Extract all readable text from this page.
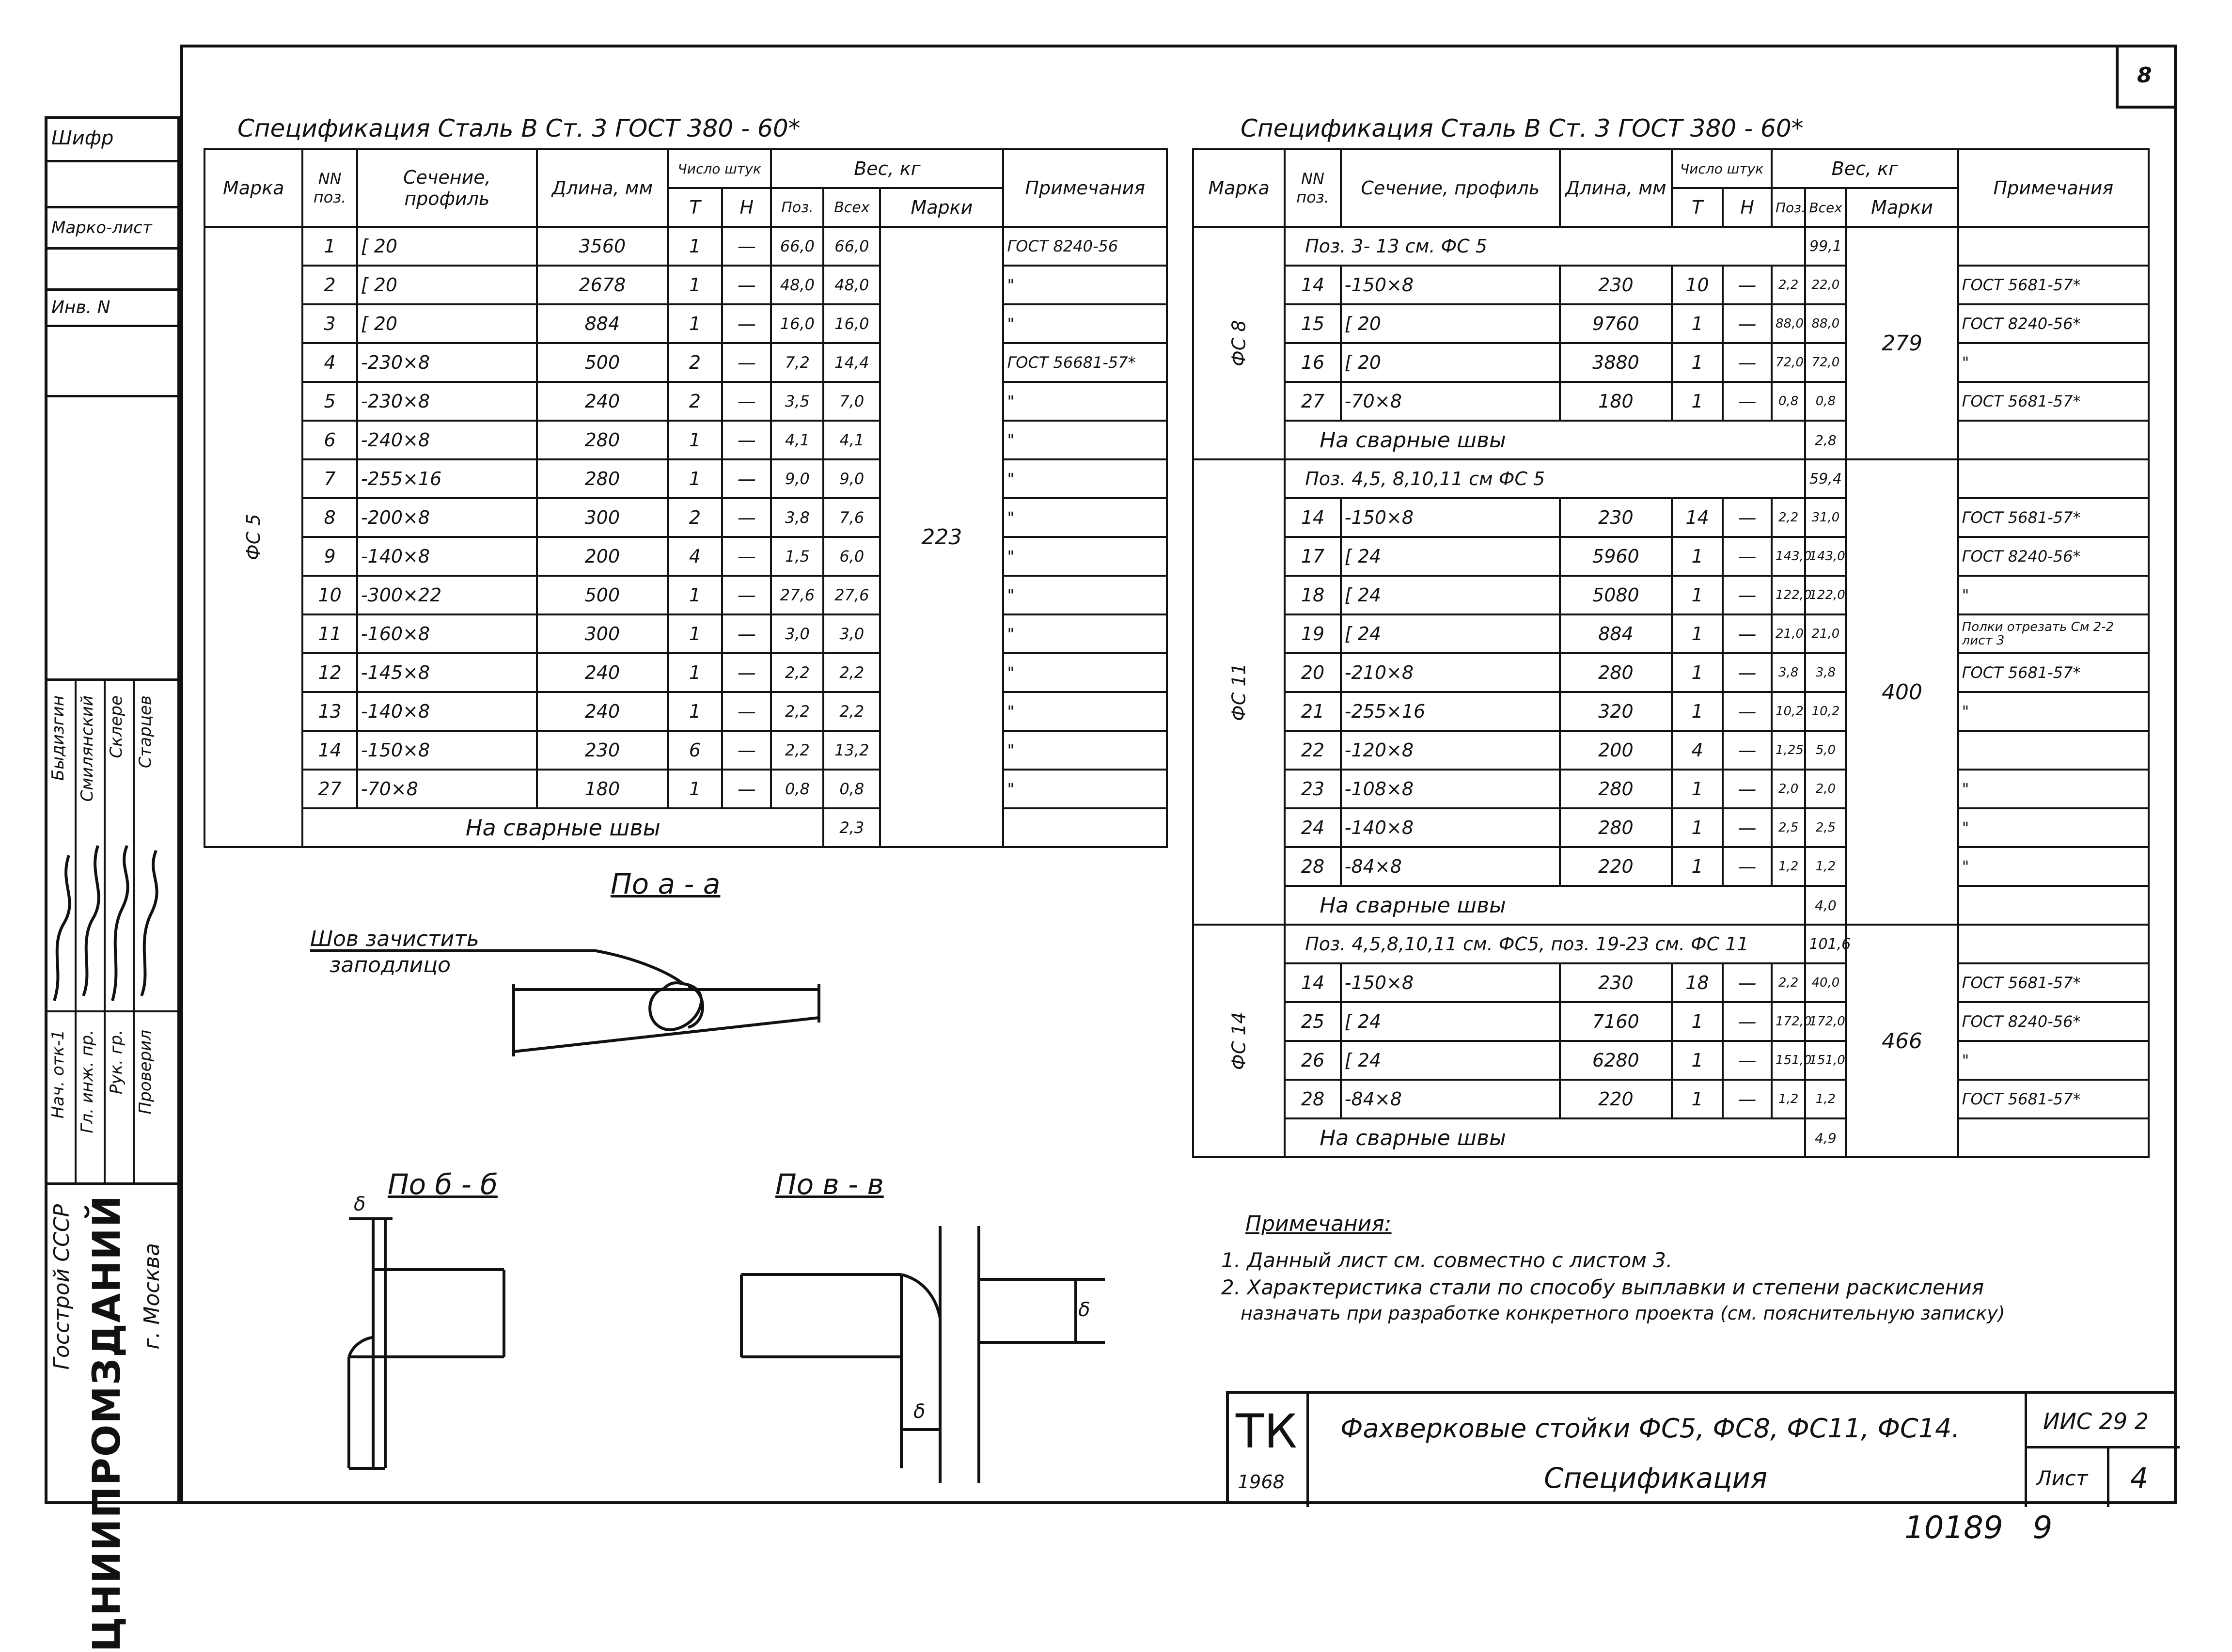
8
Шифр
Марко-лист
Инв. N
Нач. отк-1 Гл. инж. пр. Рук. гр. Проверил
Быдизгин Смилянский Склере Старцев
Госстрой СССР ЦНИИПРОМЗДАНИЙ г. Москва
Спецификация Сталь В Ст. 3 ГОСТ 380 - 60*

Марка	NN поз.	Сечение, профиль	Длина, мм	Число штук		Вес, кг			Примечания
				Т	Н	Поз.	Всех	Марки	
ФС 5	1	[ 20	3560	1	—	66,0	66,0	223	ГОСТ 8240-56
	2	[ 20	2678	1	—	48,0	48,0		"
	3	[ 20	884	1	—	16,0	16,0		"
	4	-230×8	500	2	—	7,2	14,4		ГОСТ 56681-57*
	5	-230×8	240	2	—	3,5	7,0		"
	6	-240×8	280	1	—	4,1	4,1		"
	7	-255×16	280	1	—	9,0	9,0		"
	8	-200×8	300	2	—	3,8	7,6		"
	9	-140×8	200	4	—	1,5	6,0		"
	10	-300×22	500	1	—	27,6	27,6		"
	11	-160×8	300	1	—	3,0	3,0		"
	12	-145×8	240	1	—	2,2	2,2		"
	13	-140×8	240	1	—	2,2	2,2		"
	14	-150×8	230	6	—	2,2	13,2		"
	27	-70×8	180	1	—	0,8	0,8		"
	На сварные швы						2,3		
Спецификация Сталь В Ст. 3 ГОСТ 380 - 60*

Марка	NN поз.	Сечение, профиль	Длина, мм	Число штук		Вес, кг			Примечания
				Т	Н	Поз.	Всех	Марки	
ФС 8	Поз. 3- 13 см. ФС 5						99,1	279	
	14	-150×8	230	10	—	2,2	22,0		ГОСТ 5681-57*
	15	[ 20	9760	1	—	88,0	88,0		ГОСТ 8240-56*
	16	[ 20	3880	1	—	72,0	72,0		"
	27	-70×8	180	1	—	0,8	0,8		ГОСТ 5681-57*
	На сварные швы						2,8		
ФС 11	Поз. 4,5, 8,10,11 см ФС 5						59,4	400	
	14	-150×8	230	14	—	2,2	31,0		ГОСТ 5681-57*
	17	[ 24	5960	1	—	143,0	143,0		ГОСТ 8240-56*
	18	[ 24	5080	1	—	122,0	122,0		"
	19	[ 24	884	1	—	21,0	21,0		Полки отрезать См 2-2 лист 3
	20	-210×8	280	1	—	3,8	3,8		ГОСТ 5681-57*
	21	-255×16	320	1	—	10,2	10,2		"
	22	-120×8	200	4	—	1,25	5,0		
	23	-108×8	280	1	—	2,0	2,0		"
	24	-140×8	280	1	—	2,5	2,5		"
	28	-84×8	220	1	—	1,2	1,2		"
	На сварные швы						4,0		
ФС 14	Поз. 4,5,8,10,11 см. ФС5, поз. 19-23 см. ФС 11						101,6	466	
	14	-150×8	230	18	—	2,2	40,0		ГОСТ 5681-57*
	25	[ 24	7160	1	—	172,0	172,0		ГОСТ 8240-56*
	26	[ 24	6280	1	—	151,0	151,0		"
	28	-84×8	220	1	—	1,2	1,2		ГОСТ 5681-57*
	На сварные швы						4,9		
По а - а
Шов зачистить
заподлицо
По б - б
δ
По в - в
δ
δ
Примечания:
1. Данный лист см. совместно с листом 3.
2. Характеристика стали по способу выплавки и степени раскисления
назначать при разработке конкретного проекта (см. пояснительную записку)
ТК
1968
Фахверковые стойки ФС5, ФС8, ФС11, ФС14.
Спецификация
ИИС 29 2
Лист 4
10189   9
